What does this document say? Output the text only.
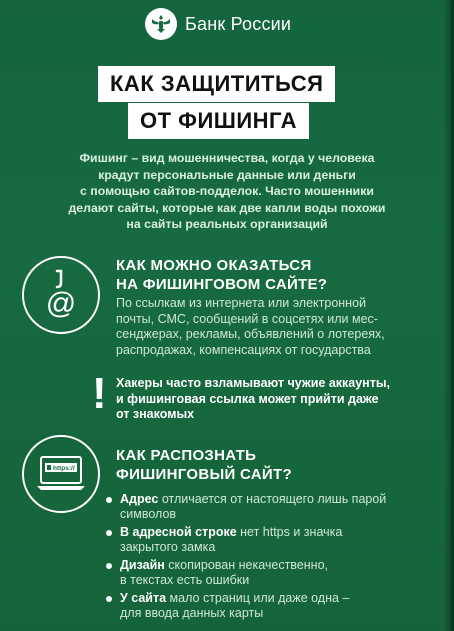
Банк России
КАК ЗАЩИТИТЬСЯ
ОТ ФИШИНГА
Фишинг – вид мошенничества, когда у человека
крадут персональные данные или деньги
с помощью сайтов-подделок. Часто мошенники
делают сайты, которые как две капли воды похожи
на сайты реальных организаций
@
КАК МОЖНО ОКАЗАТЬСЯ
НА ФИШИНГОВОМ САЙТЕ?
По ссылкам из интернета или электронной
почты, СМС, сообщений в соцсетях или мес-
сенджерах, рекламы, объявлений о лотереях,
распродажах, компенсациях от государства
! Хакеры часто взламывают чужие аккаунты,
и фишинговая ссылка может прийти даже
от знакомых
https://
КАК РАСПОЗНАТЬ
ФИШИНГОВЫЙ САЙТ?
Адрес отличается от настоящего лишь парой
символов
В адресной строке нет https и значка
закрытого замка
Дизайн скопирован некачественно,
в текстах есть ошибки
У сайта мало страниц или даже одна –
для ввода данных карты
